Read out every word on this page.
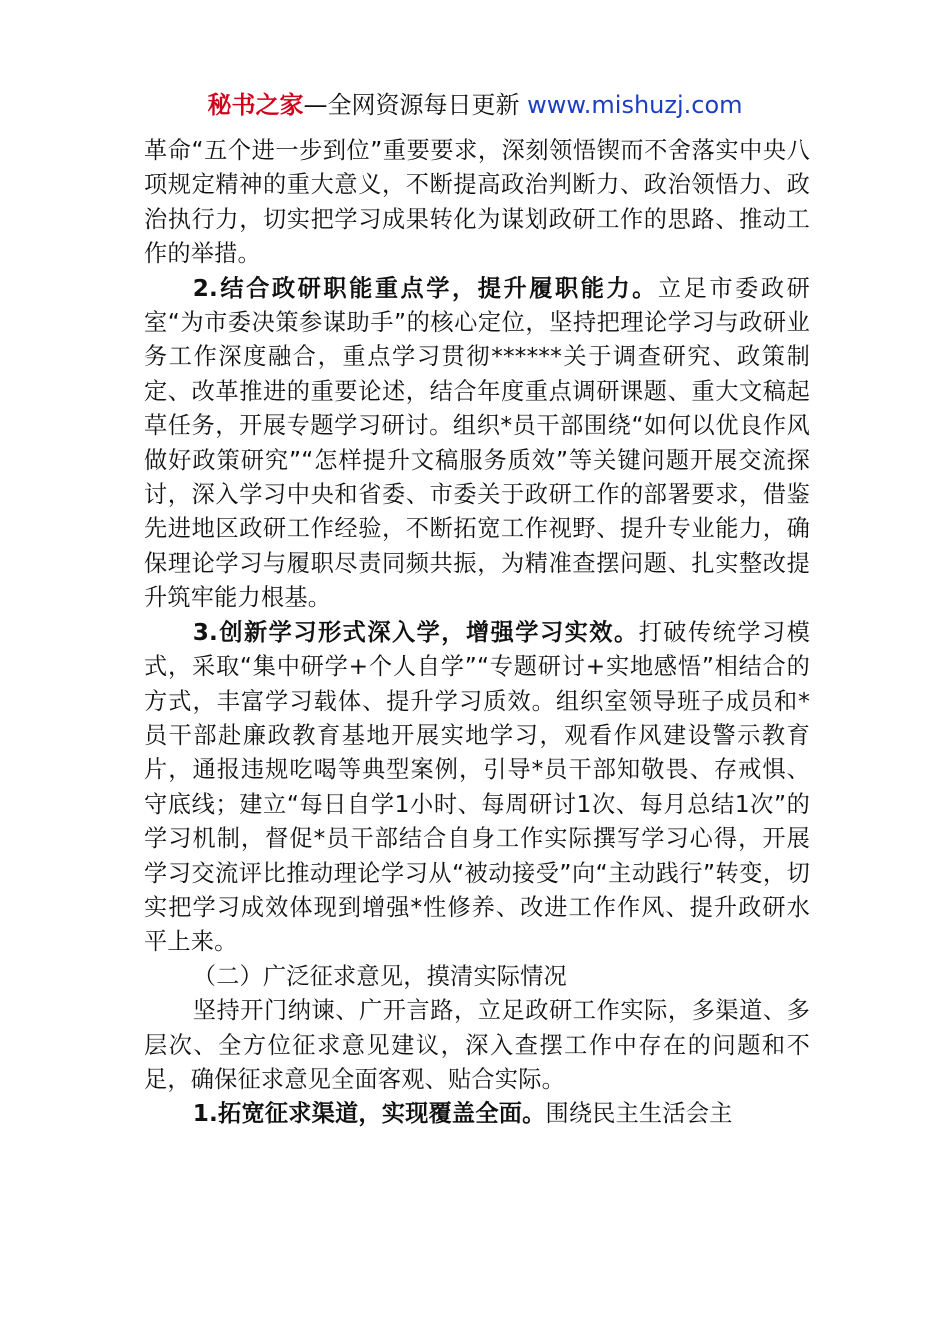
秘书之家—全网资源每日更新 www.mishuzj.com

革命“五个进一步到位”重要要求，深刻领悟锲而不舍落实中央八项规定精神的重大意义，不断提高政治判断力、政治领悟力、政治执行力，切实把学习成果转化为谋划政研工作的思路、推动工作的举措。

2.结合政研职能重点学，提升履职能力。立足市委政研室“为市委决策参谋助手”的核心定位，坚持把理论学习与政研业务工作深度融合，重点学习贯彻******关于调查研究、政策制定、改革推进的重要论述，结合年度重点调研课题、重大文稿起草任务，开展专题学习研讨。组织*员干部围绕“如何以优良作风做好政策研究”“怎样提升文稿服务质效”等关键问题开展交流探讨，深入学习中央和省委、市委关于政研工作的部署要求，借鉴先进地区政研工作经验，不断拓宽工作视野、提升专业能力，确保理论学习与履职尽责同频共振，为精准查摆问题、扎实整改提升筑牢能力根基。

3.创新学习形式深入学，增强学习实效。打破传统学习模式，采取“集中研学+个人自学”“专题研讨+实地感悟”相结合的方式，丰富学习载体、提升学习质效。组织室领导班子成员和*员干部赴廉政教育基地开展实地学习，观看作风建设警示教育片，通报违规吃喝等典型案例，引导*员干部知敬畏、存戒惧、守底线；建立“每日自学1小时、每周研讨1次、每月总结1次”的学习机制，督促*员干部结合自身工作实际撰写学习心得，开展学习交流评比推动理论学习从“被动接受”向“主动践行”转变，切实把学习成效体现到增强*性修养、改进工作作风、提升政研水平上来。

（二）广泛征求意见，摸清实际情况

坚持开门纳谏、广开言路，立足政研工作实际，多渠道、多层次、全方位征求意见建议，深入查摆工作中存在的问题和不足，确保征求意见全面客观、贴合实际。

1.拓宽征求渠道，实现覆盖全面。围绕民主生活会主
